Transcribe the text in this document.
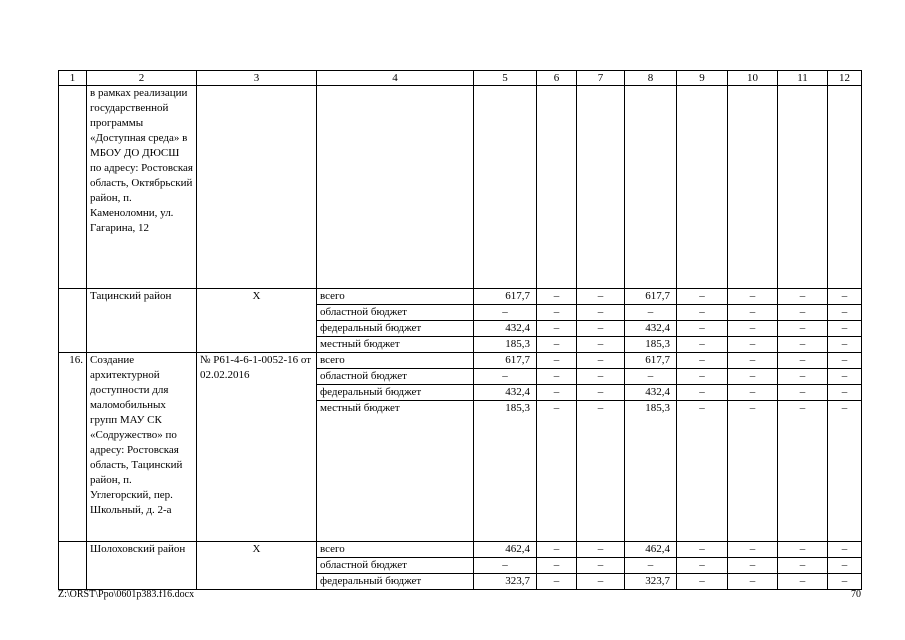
1	2	3	4	5	6	7	8	9	10	11	12
	в рамках реализации государственной программы «Доступная среда» в МБОУ ДО ДЮСШ по адресу: Ростовская область, Октябрьский район, п. Каменоломни, ул. Гагарина, 12										
	Тацинский район	Х	всего	617,7	–	–	617,7	–	–	–	–
			областной бюджет	–	–	–	–	–	–	–	–
			федеральный бюджет	432,4	–	–	432,4	–	–	–	–
			местный бюджет	185,3	–	–	185,3	–	–	–	–
16.	Создание архитектурной доступности для маломобильных групп МАУ СК «Содружество» по адресу: Ростовская область, Тацинский район, п. Углегорский, пер. Школьный, д. 2-а	№ Р61-4-6-1-0052-16 от 02.02.2016	всего	617,7	–	–	617,7	–	–	–	–
			областной бюджет	–	–	–	–	–	–	–	–
			федеральный бюджет	432,4	–	–	432,4	–	–	–	–
			местный бюджет	185,3	–	–	185,3	–	–	–	–
	Шолоховский район	Х	всего	462,4	–	–	462,4	–	–	–	–
			областной бюджет	–	–	–	–	–	–	–	–
			федеральный бюджет	323,7	–	–	323,7	–	–	–	–
Z:\ORST\Ppo\0601p383.f16.docx	70
